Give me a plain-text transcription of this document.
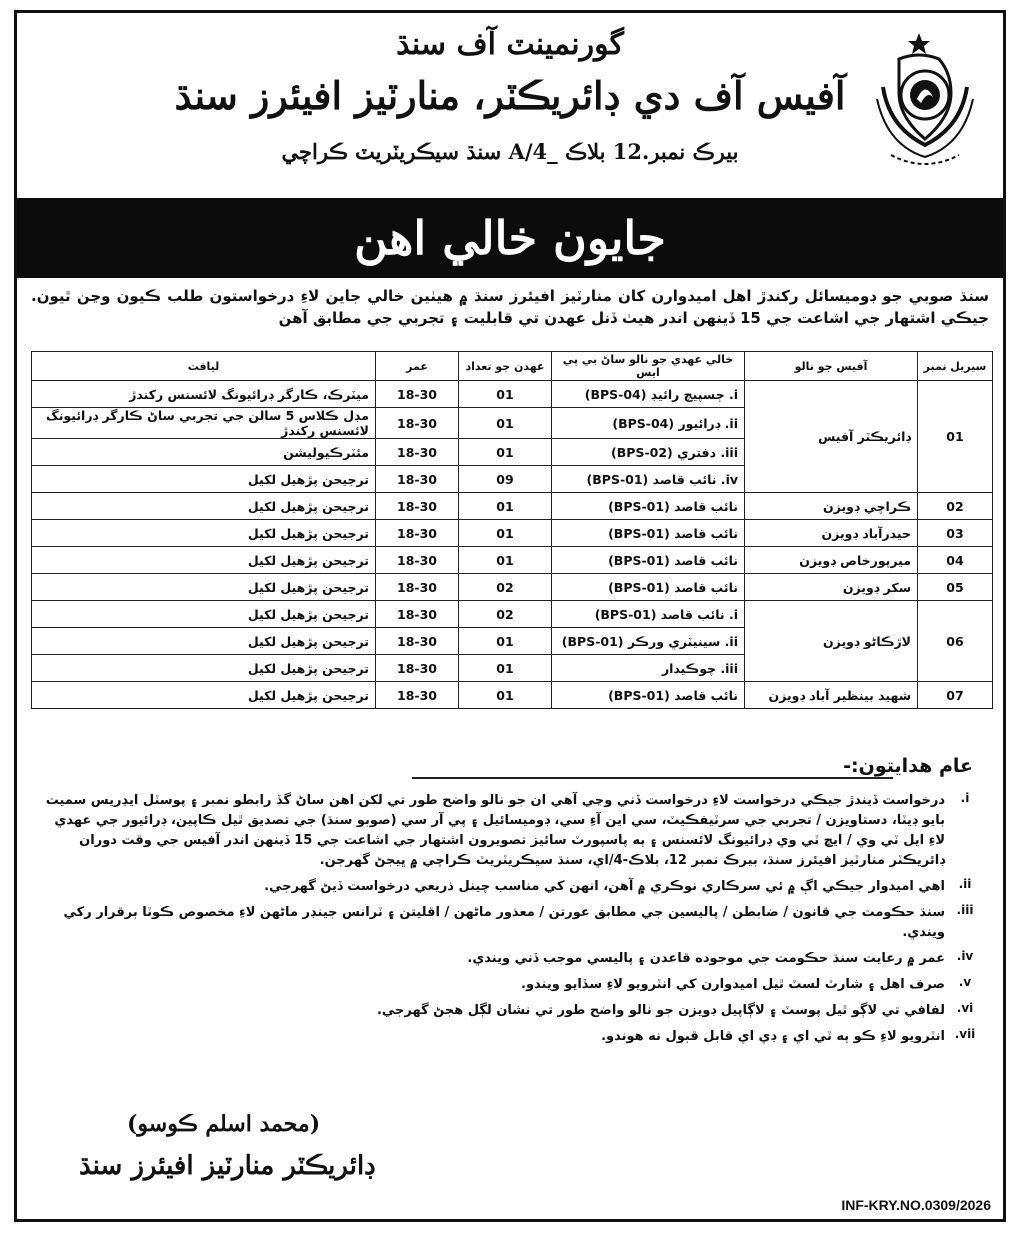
گورنمينٽ آف سنڌ
آفيس آف دي ڊائريڪٽر، منارٽيز افيئرز سنڌ
بيرڪ نمبر.12 بلاڪ _4/A سنڌ سيڪريٽريٽ ڪراچي
جايون خالي اهن
سنڌ صوبي جو ڊوميسائل رکندڙ اهل اميدوارن کان منارٽيز افيئرز سنڌ ۾ هيٺين خالي جاين لاءِ درخواستون طلب ڪيون وڃن ٿيون. جيڪي اشتهار جي اشاعت جي 15 ڏينهن اندر هيٺ ڏنل عهدن تي قابليت ۽ تجربي جي مطابق آهن
سيريل نمبر	آفيس جو نالو	خالي عهدي جو نالو ساڻ بي پي ايس	عهدن جو تعداد	عمر	ليافت
01	ڊائريڪٽر آفيس	i. ڄسپيچ رائيڊ (BPS-04)	01	18-30	ميٽرڪ، ڪارگر ڊرائيونگ لائسنس رکندڙ
		ii. ڊرائيور (BPS-04)	01	18-30	مڊل ڪلاس 5 سالن جي تجربي ساڻ ڪارگر ڊرائيونگ لائسنس رکندڙ
		iii. دفتري (BPS-02)	01	18-30	مئٽرڪيوليشن
		iv. نائب قاصد (BPS-01)	09	18-30	ترجيحن پڙهيل لکيل
02	ڪراچي ڊويزن	نائب قاصد (BPS-01)	01	18-30	ترجيحن پڙهيل لکيل
03	حيدرآباد ڊويزن	نائب قاصد (BPS-01)	01	18-30	ترجيحن پڙهيل لکيل
04	ميرپورخاص ڊويزن	نائب قاصد (BPS-01)	01	18-30	ترجيحن پڙهيل لکيل
05	سکر ڊويزن	نائب قاصد (BPS-01)	02	18-30	ترجيحن پڙهيل لکيل
06	لاڙڪاڻو ڊويزن	i. نائب قاصد (BPS-01)	02	18-30	ترجيحن پڙهيل لکيل
		ii. سينيٽري ورڪر (BPS-01)	01	18-30	ترجيحن پڙهيل لکيل
		iii. چوڪيدار	01	18-30	ترجيحن پڙهيل لکيل
07	شهيد بينظير آباد ڊويزن	نائب قاصد (BPS-01)	01	18-30	ترجيحن پڙهيل لکيل
عام هدايتون:-
i.
درخواست ڏيندڙ جيڪي درخواست لاءِ درخواست ڏني وڃي آهي ان جو نالو واضح طور تي لکن اهن ساڻ گڏ رابطو نمبر ۽ پوسٽل ايڊريس سميت بايو ڊيٽا، دستاويزن / تجربي جي سرٽيفڪيٽ، سي اين آءِ سي، ڊوميسائيل ۽ پي آر سي (صوبو سنڌ) جي تصديق ٿيل ڪاپين، ڊرائيور جي عهدي لاءِ ايل ٽي وي / ايڇ ٽي وي ڊرائيونگ لائسنس ۽ ٻه پاسپورٽ سائيز تصويرون اشتهار جي اشاعت جي 15 ڏينهن اندر آفيس جي وقت دوران ڊائريڪٽر منارٽيز افيئرز سنڌ، بيرڪ نمبر 12، بلاڪ-4/اي، سنڌ سيڪريٽريٽ ڪراچي ۾ ڀيجڻ گهرجن.
ii.
اهي اميدوار جيڪي اڳ ۾ ئي سرڪاري نوڪري ۾ آهن، انهن کي مناسب چينل ذريعي درخواست ڏيڻ گهرجي.
iii.
سنڌ حڪومت جي قانون / ضابطن / پاليسين جي مطابق عورتن / معذور ماڻهن / اقليتن ۽ ٽرانس جينڊر ماڻهن لاءِ مخصوص ڪوٽا برقرار رکي ويندي.
iv.
عمر ۾ رعايت سنڌ حڪومت جي موجوده قاعدن ۽ پاليسي موجب ڏني ويندي.
v.
صرف اهل ۽ شارٽ لسٽ ٿيل اميدوارن کي انٽرويو لاءِ سڏايو ويندو.
vi.
لفافي تي لاڳو ٿيل پوسٽ ۽ لاڳاپيل ڊويزن جو نالو واضح طور تي نشان لڳل هجڻ گهرجي.
vii.
انٽرويو لاءِ ڪو ٻه ٽي اي ۽ ڊي اي قابل قبول نه هوندو.
(محمد اسلم ڪوسو)
ڊائريڪٽر منارٽيز افيئرز سنڌ
INF-KRY.NO.0309/2026
